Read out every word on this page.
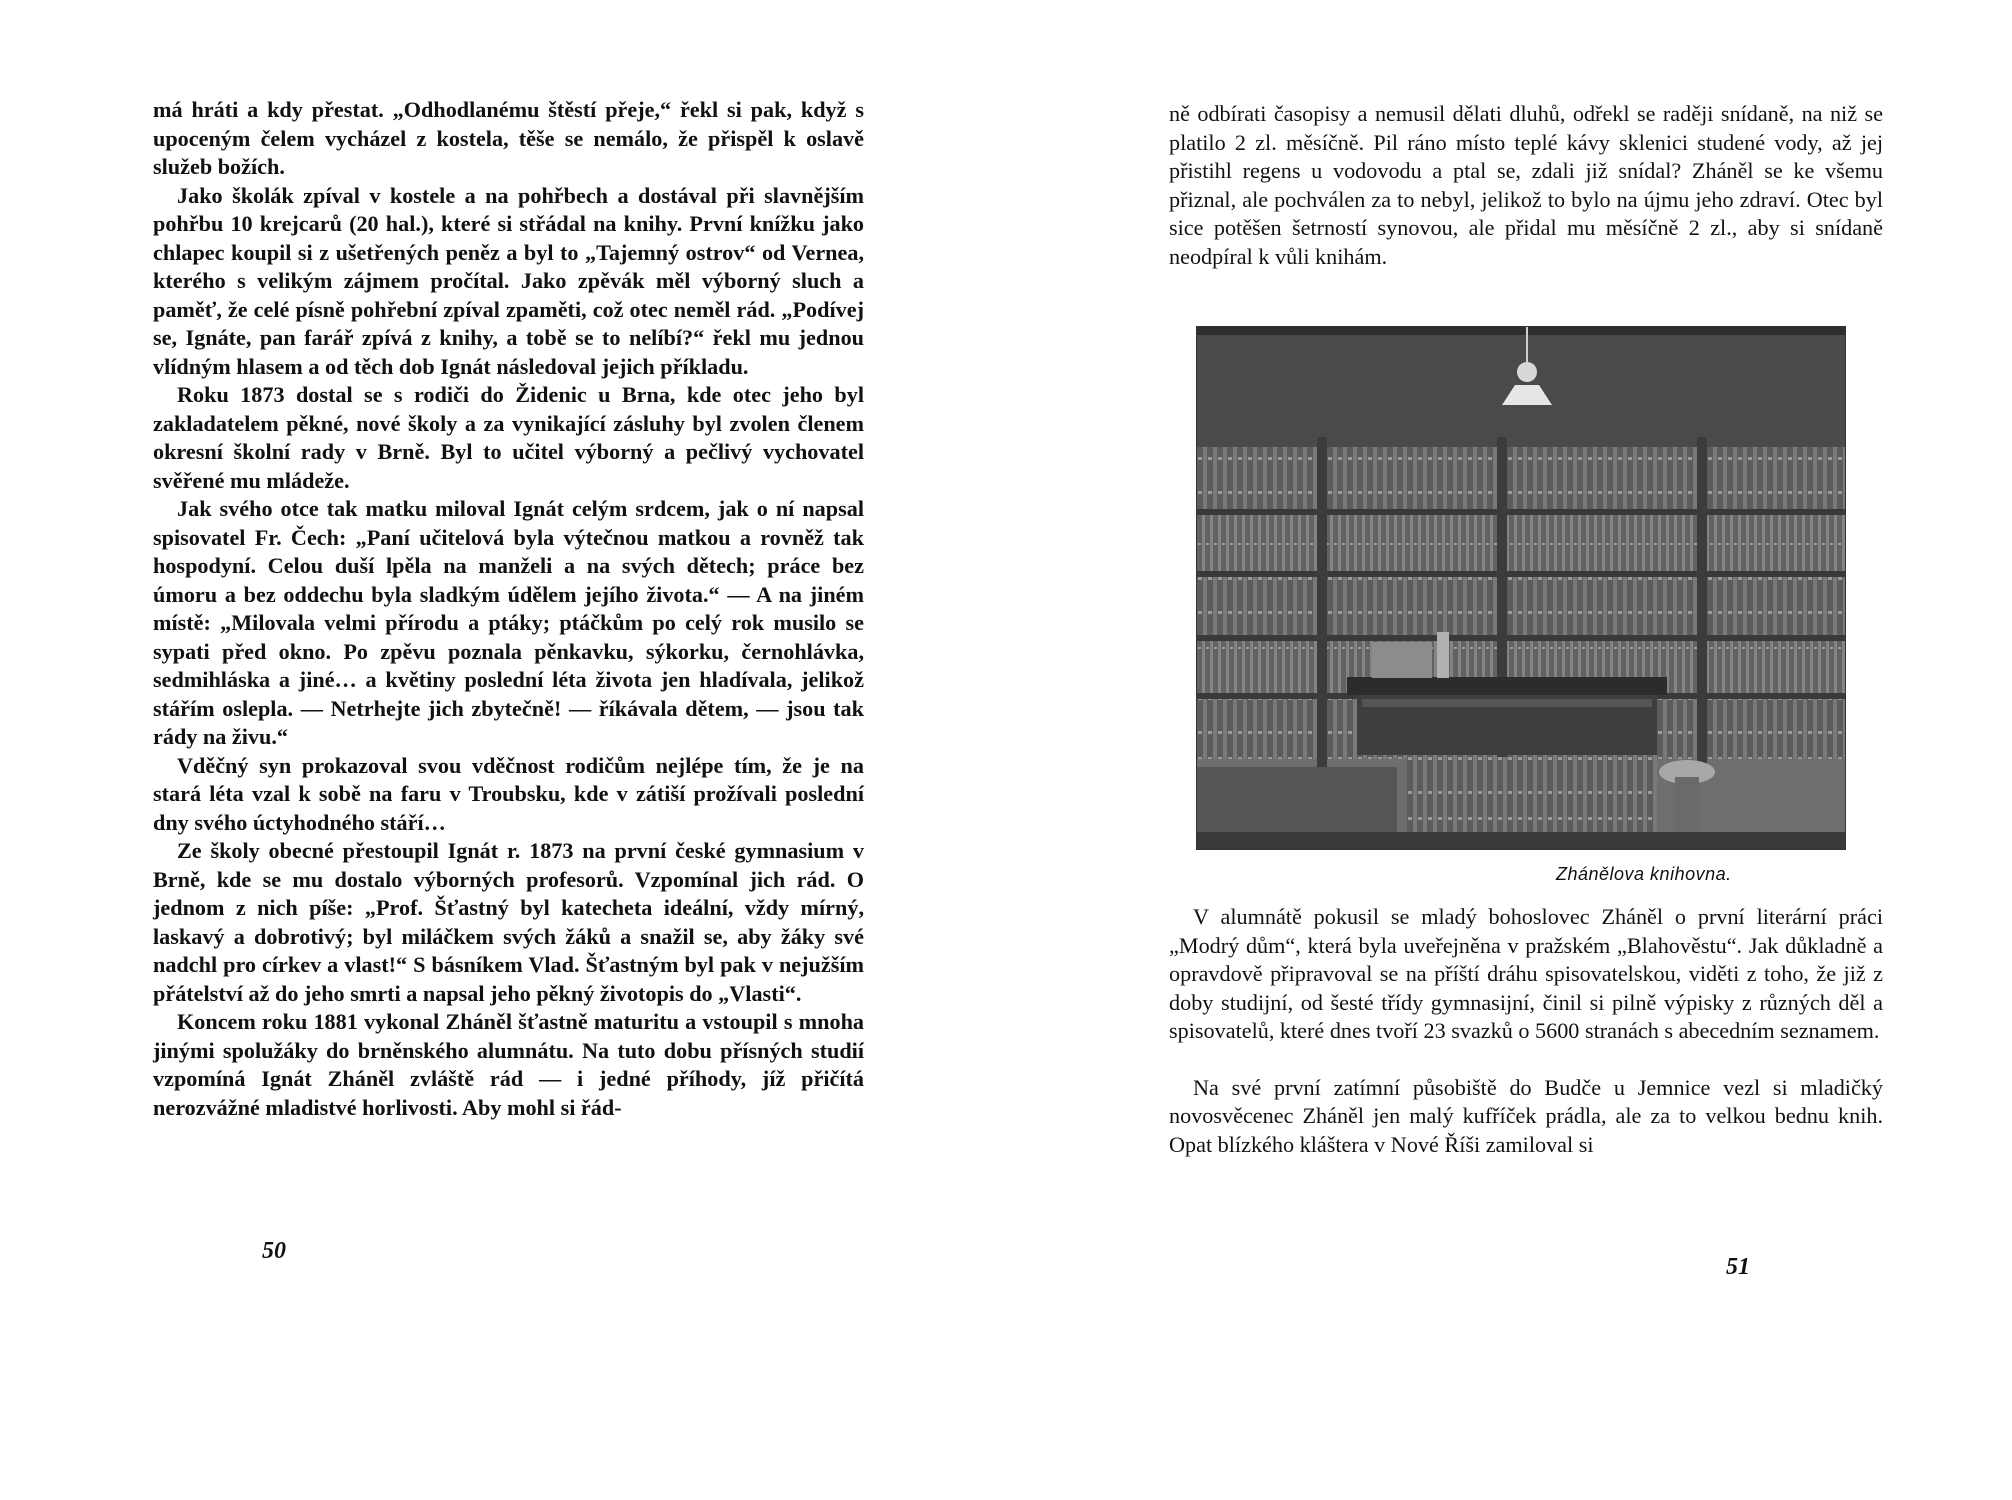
má hráti a kdy přestat. „Odhodlanému štěstí přeje,“ řekl si pak, když s upoceným čelem vycházel z kostela, těše se nemálo, že přispěl k oslavě služeb božích.

Jako školák zpíval v kostele a na pohřbech a dostával při slavnějším pohřbu 10 krejcarů (20 hal.), které si střádal na knihy. První knížku jako chlapec koupil si z ušetřených peněz a byl to „Tajemný ostrov“ od Vernea, kterého s velikým zájmem pročítal. Jako zpěvák měl výborný sluch a paměť, že celé písně pohřební zpíval zpaměti, což otec neměl rád. „Podívej se, Ignáte, pan farář zpívá z knihy, a tobě se to nelíbí?“ řekl mu jednou vlídným hlasem a od těch dob Ignát následoval jejich příkladu.

Roku 1873 dostal se s rodiči do Židenic u Brna, kde otec jeho byl zakladatelem pěkné, nové školy a za vynikající zásluhy byl zvolen členem okresní školní rady v Brně. Byl to učitel výborný a pečlivý vychovatel svěřené mu mládeže.

Jak svého otce tak matku miloval Ignát celým srdcem, jak o ní napsal spisovatel Fr. Čech: „Paní učitelová byla výtečnou matkou a rovněž tak hospodyní. Celou duší lpěla na manželi a na svých dětech; práce bez úmoru a bez oddechu byla sladkým údělem jejího života.“ — A na jiném místě: „Milovala velmi přírodu a ptáky; ptáčkům po celý rok musilo se sypati před okno. Po zpěvu poznala pěnkavku, sýkorku, černohlávka, sedmihláska a jiné… a květiny poslední léta života jen hladívala, jelikož stářím oslepla. — Netrhejte jich zbytečně! — říkávala dětem, — jsou tak rády na živu.“

Vděčný syn prokazoval svou vděčnost rodičům nejlépe tím, že je na stará léta vzal k sobě na faru v Troubsku, kde v zátiší prožívali poslední dny svého úctyhodného stáří…

Ze školy obecné přestoupil Ignát r. 1873 na první české gymnasium v Brně, kde se mu dostalo výborných profesorů. Vzpomínal jich rád. O jednom z nich píše: „Prof. Šťastný byl katecheta ideální, vždy mírný, laskavý a dobrotivý; byl miláčkem svých žáků a snažil se, aby žáky své nadchl pro církev a vlast!“ S básníkem Vlad. Šťastným byl pak v nejužším přátelství až do jeho smrti a napsal jeho pěkný životopis do „Vlasti“.

Koncem roku 1881 vykonal Zháněl šťastně maturitu a vstoupil s mnoha jinými spolužáky do brněnského alumnátu. Na tuto dobu přísných studií vzpomíná Ignát Zháněl zvláště rád — i jedné příhody, jíž přičítá nerozvážné mladistvé horlivosti. Aby mohl si řád-

50

ně odbírati časopisy a nemusil dělati dluhů, odřekl se raději snídaně, na niž se platilo 2 zl. měsíčně. Pil ráno místo teplé kávy sklenici studené vody, až jej přistihl regens u vodovodu a ptal se, zdali již snídal? Zháněl se ke všemu přiznal, ale pochválen za to nebyl, jelikož to bylo na újmu jeho zdraví. Otec byl sice potěšen šetrností synovou, ale přidal mu měsíčně 2 zl., aby si snídaně neodpíral k vůli knihám.

Zhánělova knihovna.

V alumnátě pokusil se mladý bohoslovec Zháněl o první literární práci „Modrý dům“, která byla uveřejněna v pražském „Blahověstu“. Jak důkladně a opravdově připravoval se na příští dráhu spisovatelskou, viděti z toho, že již z doby studijní, od šesté třídy gymnasijní, činil si pilně výpisky z různých děl a spisovatelů, které dnes tvoří 23 svazků o 5600 stranách s abecedním seznamem.

Na své první zatímní působiště do Budče u Jemnice vezl si mladičký novosvěcenec Zháněl jen malý kufříček prádla, ale za to velkou bednu knih. Opat blízkého kláštera v Nové Říši zamiloval si

51
